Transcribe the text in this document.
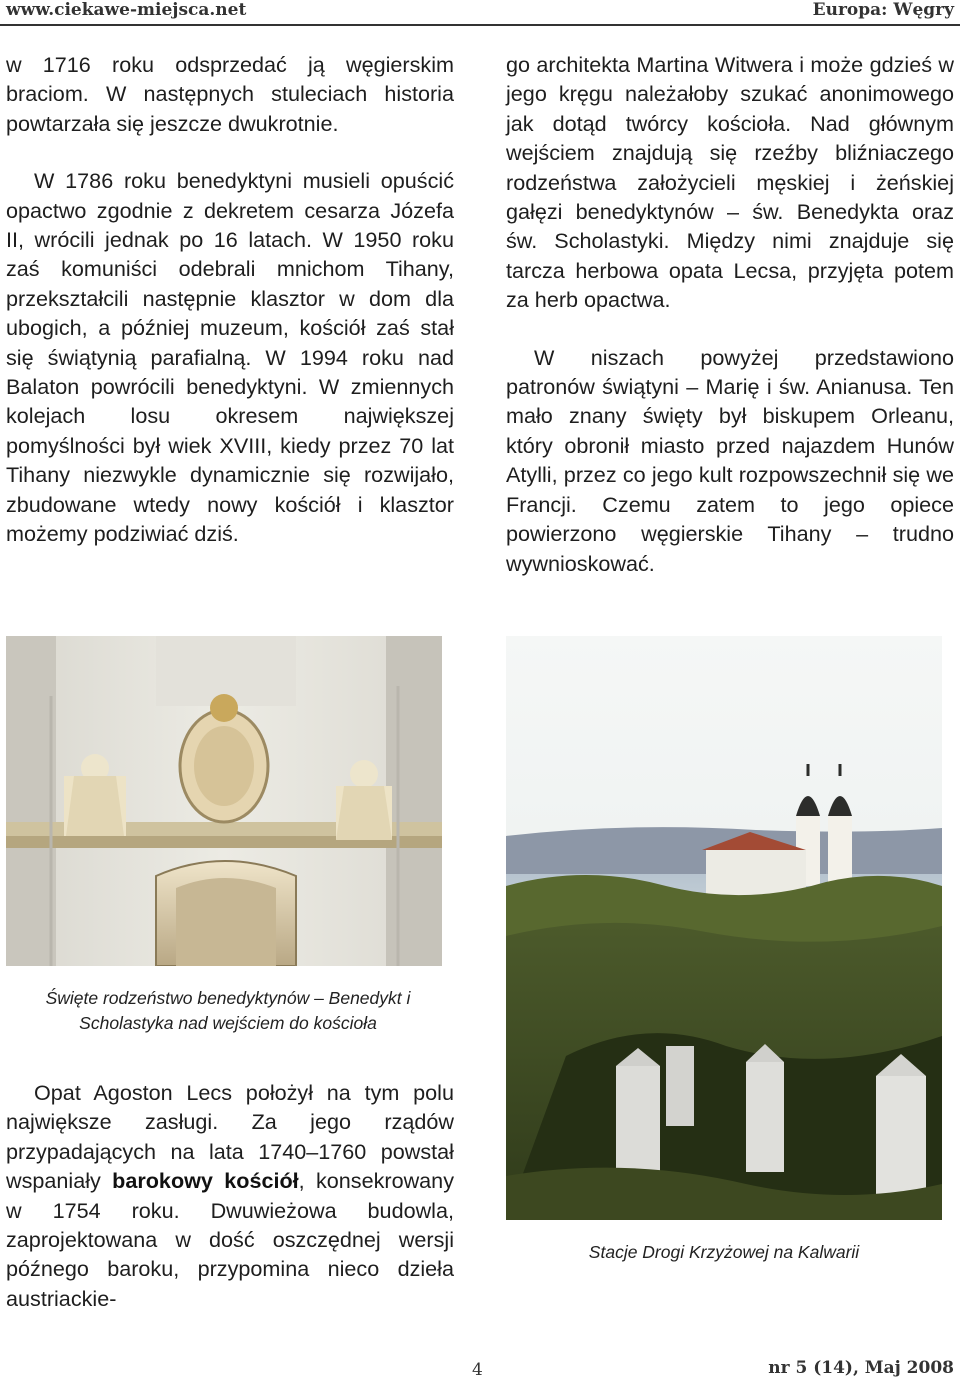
www.ciekawe-miejsca.net	Europa: Węgry

w 1716 roku odsprzedać ją węgierskim braciom. W następnych stuleciach historia powtarzała się jeszcze dwukrotnie.

W 1786 roku benedyktyni musieli opuścić opactwo zgodnie z dekretem cesarza Józefa II, wrócili jednak po 16 latach. W 1950 roku zaś komuniści odebrali mnichom Tihany, przekształcili następnie klasztor w dom dla ubogich, a później muzeum, kościół zaś stał się świątynią parafialną. W 1994 roku nad Balaton powrócili benedyktyni. W zmiennych kolejach losu okresem największej pomyślności był wiek XVIII, kiedy przez 70 lat Tihany niezwykle dynamicznie się rozwijało, zbudowane wtedy nowy kościół i klasztor możemy podziwiać dziś.

go architekta Martina Witwera i może gdzieś w jego kręgu należałoby szukać anonimowego jak dotąd twórcy kościoła. Nad głównym wejściem znajdują się rzeźby bliźniaczego rodzeństwa założycieli męskiej i żeńskiej gałęzi benedyktynów – św. Benedykta oraz św. Scholastyki. Między nimi znajduje się tarcza herbowa opata Lecsa, przyjęta potem za herb opactwa.

W niszach powyżej przedstawiono patronów świątyni – Marię i św. Anianusa. Ten mało znany święty był biskupem Orleanu, który obronił miasto przed najazdem Hunów Atylli, przez co jego kult rozpowszechnił się we Francji. Czemu zatem to jego opiece powierzono węgierskie Tihany – trudno wywnioskować.

Święte rodzeństwo benedyktynów – Benedykt i Scholastyka nad wejściem do kościoła

Opat Agoston Lecs położył na tym polu największe zasługi. Za jego rządów przypadających na lata 1740–1760 powstał wspaniały barokowy kościół, konsekrowany w 1754 roku. Dwuwieżowa budowla, zaprojektowana w dość oszczędnej wersji późnego baroku, przypomina nieco dzieła austriackie-

Stacje Drogi Krzyżowej na Kalwarii
4	nr 5 (14), Maj 2008
